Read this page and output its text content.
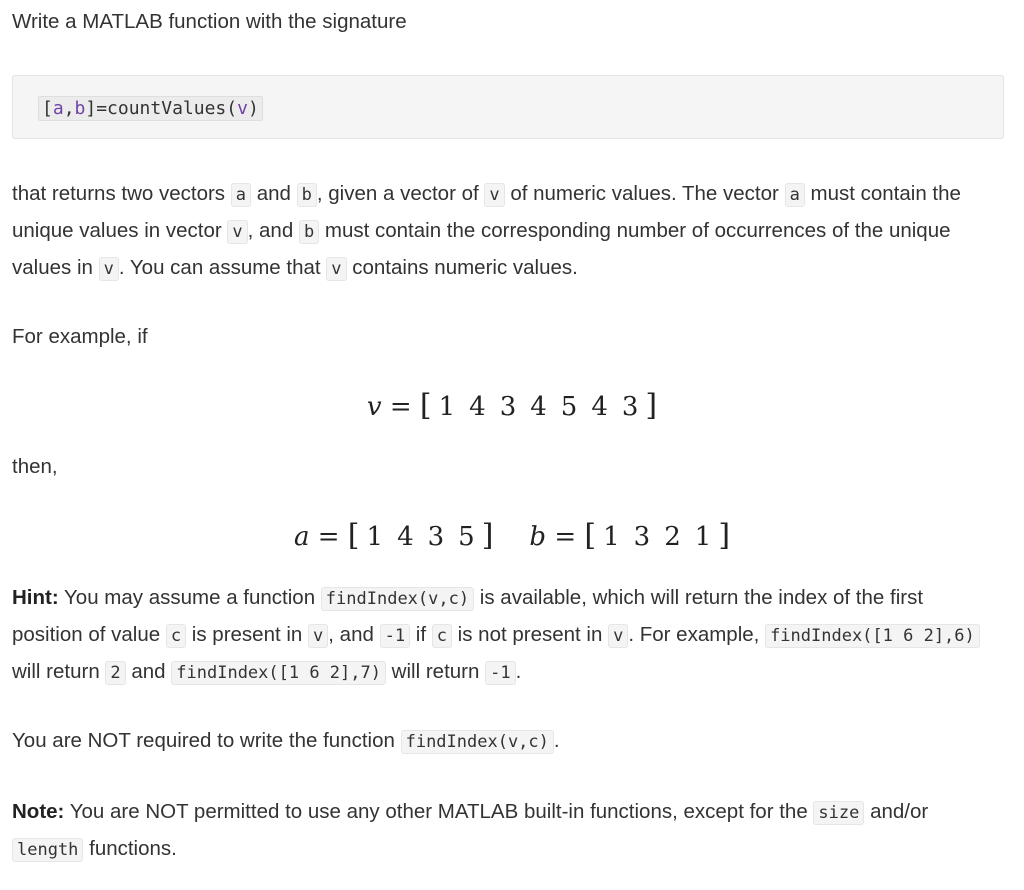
Write a MATLAB function with the signature

[a,b]=countValues(v)

that returns two vectors a and b , given a vector of v of numeric values. The vector a must contain the unique values in vector v , and b must contain the corresponding number of occurrences of the unique values in v . You can assume that v contains numeric values.

For example, if

v = [ 1 4 3 4 5 4 3 ]

then,

a = [ 1 4 3 5 ] b = [ 1 3 2 1 ]

Hint: You may assume a function findIndex(v,c) is available, which will return the index of the first position of value c is present in v , and -1 if c is not present in v . For example, findIndex([1 6 2],6) will return 2 and findIndex([1 6 2],7) will return -1 .

You are NOT required to write the function findIndex(v,c) .

Note: You are NOT permitted to use any other MATLAB built-in functions, except for the size and/or length functions.
